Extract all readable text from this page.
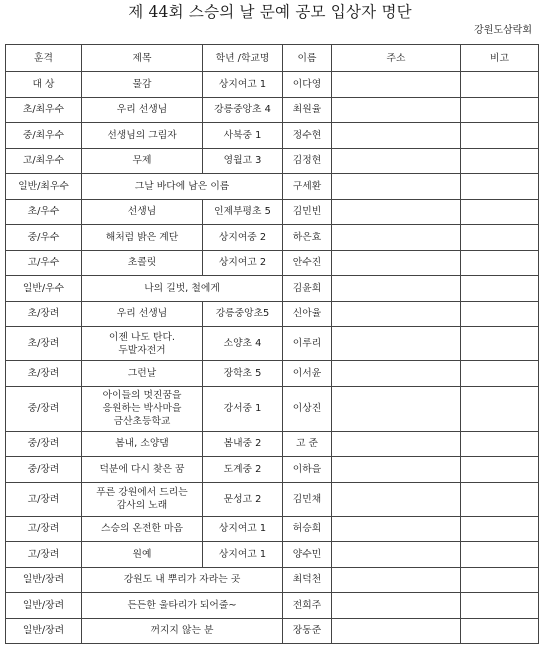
제 44회 스승의 날 문예 공모 입상자 명단
강원도삼락회
훈격	제목	학년 /학교명	이름	주소	비고
대 상	물감	상지여고 1	이다영		
초/최우수	우리 선생님	강릉중앙초 4	최원율		
중/최우수	선생님의 그림자	사북중 1	정수현		
고/최우수	무제	영월고 3	김정현		
일반/최우수	그날 바다에 남은 이름		구세환		
초/우수	선생님	인제부평초 5	김민빈		
중/우수	해처럼 밝은 계단	상지여중 2	하은효		
고/우수	초콜릿	상지여고 2	안수진		
일반/우수	나의 길벗, 철에게		김윤희		
초/장려	우리 선생님	강릉중앙초5	신아율		
초/장려	이젠 나도 탄다.
두발자전거	소양초 4	이루리		
초/장려	그런날	장학초 5	이서윤		
중/장려	아이들의 멋진꿈을
응원하는 박사마을
금산초등학교	강서중 1	이상진		
중/장려	봄내, 소양댐	봄내중 2	고 준		
중/장려	덕분에 다시 찾은 꿈	도계중 2	이하을		
고/장려	푸른 강원에서 드리는
감사의 노래	문성고 2	김민채		
고/장려	스승의 온전한 마음	상지여고 1	허승희		
고/장려	원예	상지여고 1	양수민		
일반/장려	강원도 내 뿌리가 자라는 곳		최덕천		
일반/장려	든든한 울타리가 되어줄~		전희주		
일반/장려	꺼지지 않는 분		장동준		
